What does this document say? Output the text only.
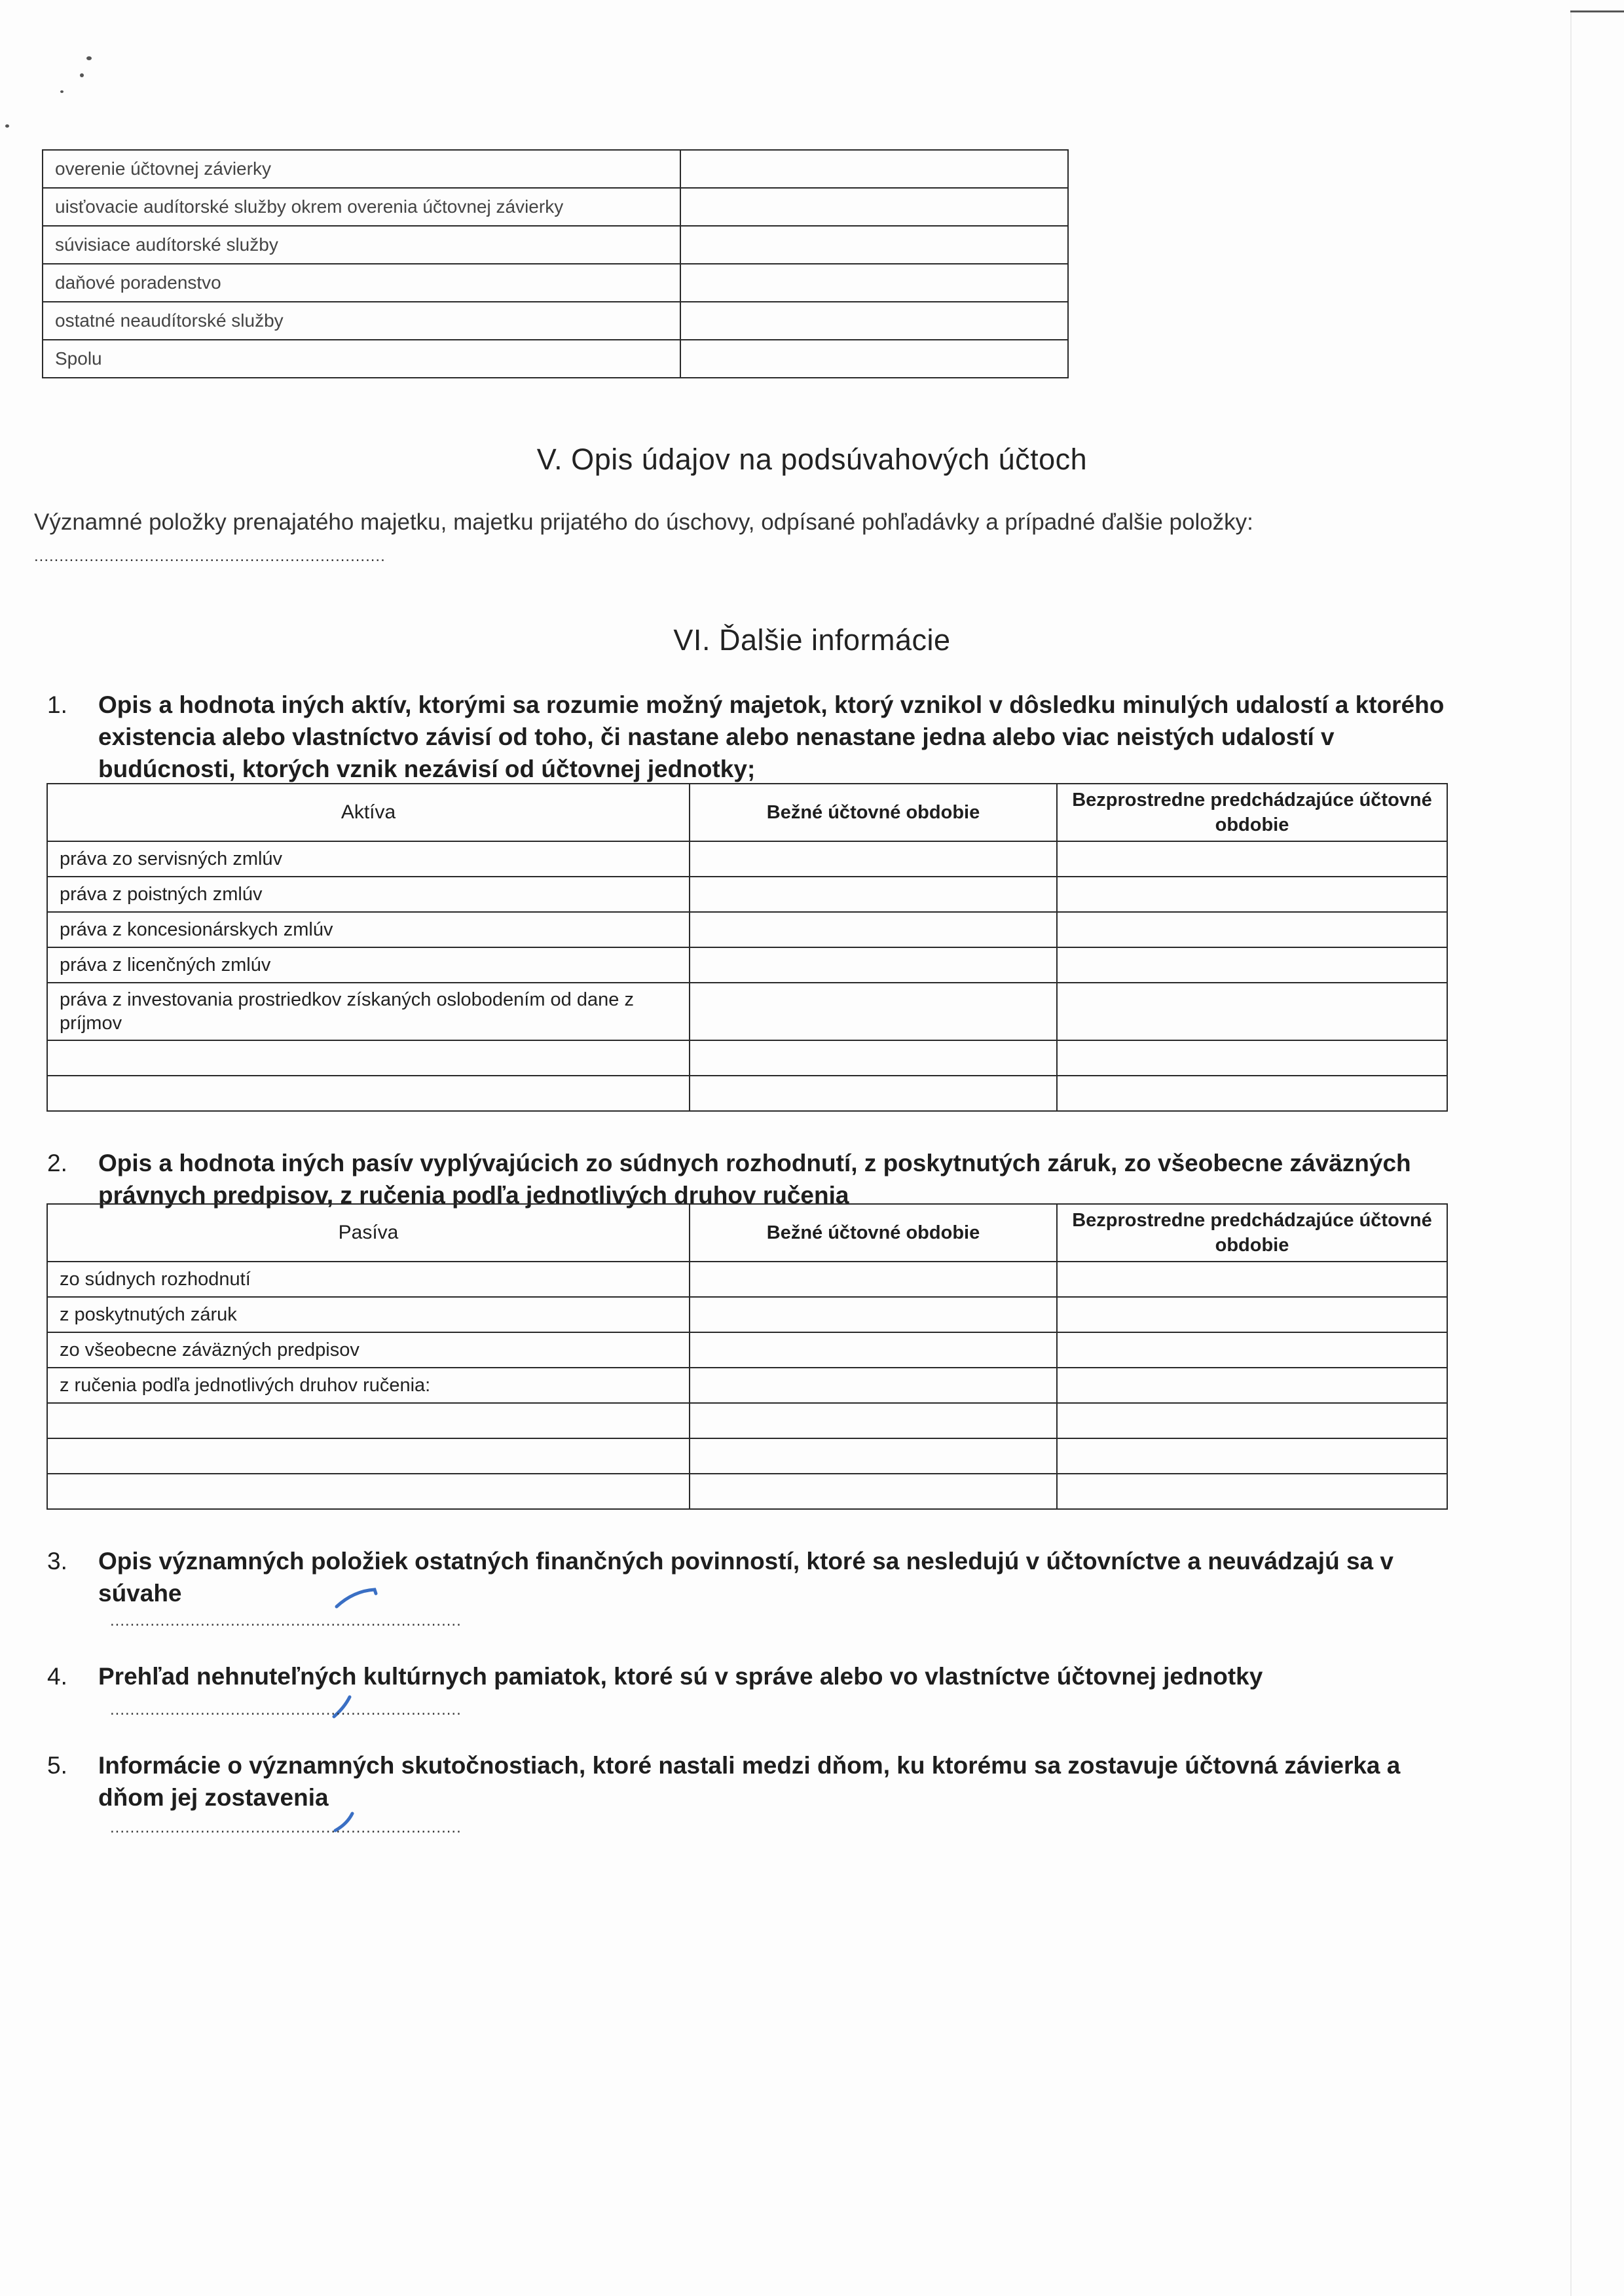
overenie účtovnej závierky	
uisťovacie audítorské služby okrem overenia účtovnej závierky	
súvisiace audítorské služby	
daňové poradenstvo	
ostatné neaudítorské služby	
Spolu	
V. Opis údajov na podsúvahových účtoch
Významné položky prenajatého majetku, majetku prijatého do úschovy, odpísané pohľadávky a prípadné ďalšie položky:
......................................................................
VI. Ďalšie informácie
1. Opis a hodnota iných aktív, ktorými sa rozumie možný majetok, ktorý vznikol v dôsledku minulých udalostí a ktorého existencia alebo vlastníctvo závisí od toho, či nastane alebo nenastane jedna alebo viac neistých udalostí v budúcnosti, ktorých vznik nezávisí od účtovnej jednotky;
Aktíva	Bežné účtovné obdobie	Bezprostredne predchádzajúce účtovné obdobie
práva zo servisných zmlúv		
práva z poistných zmlúv		
práva z koncesionárskych zmlúv		
práva z licenčných zmlúv		
práva z investovania prostriedkov získaných oslobodením od dane z príjmov		

2. Opis a hodnota iných pasív vyplývajúcich zo súdnych rozhodnutí, z poskytnutých záruk, zo všeobecne záväzných právnych predpisov, z ručenia podľa jednotlivých druhov ručenia
Pasíva	Bežné účtovné obdobie	Bezprostredne predchádzajúce účtovné obdobie
zo súdnych rozhodnutí		
z poskytnutých záruk		
zo všeobecne záväzných predpisov		
z ručenia podľa jednotlivých druhov ručenia:		

3. Opis významných položiek ostatných finančných povinností, ktoré sa nesledujú v účtovníctve a neuvádzajú sa v súvahe
......................................................................
4. Prehľad nehnuteľných kultúrnych pamiatok, ktoré sú v správe alebo vo vlastníctve účtovnej jednotky
......................................................................
5. Informácie o významných skutočnostiach, ktoré nastali medzi dňom, ku ktorému sa zostavuje účtovná závierka a dňom jej zostavenia
......................................................................
